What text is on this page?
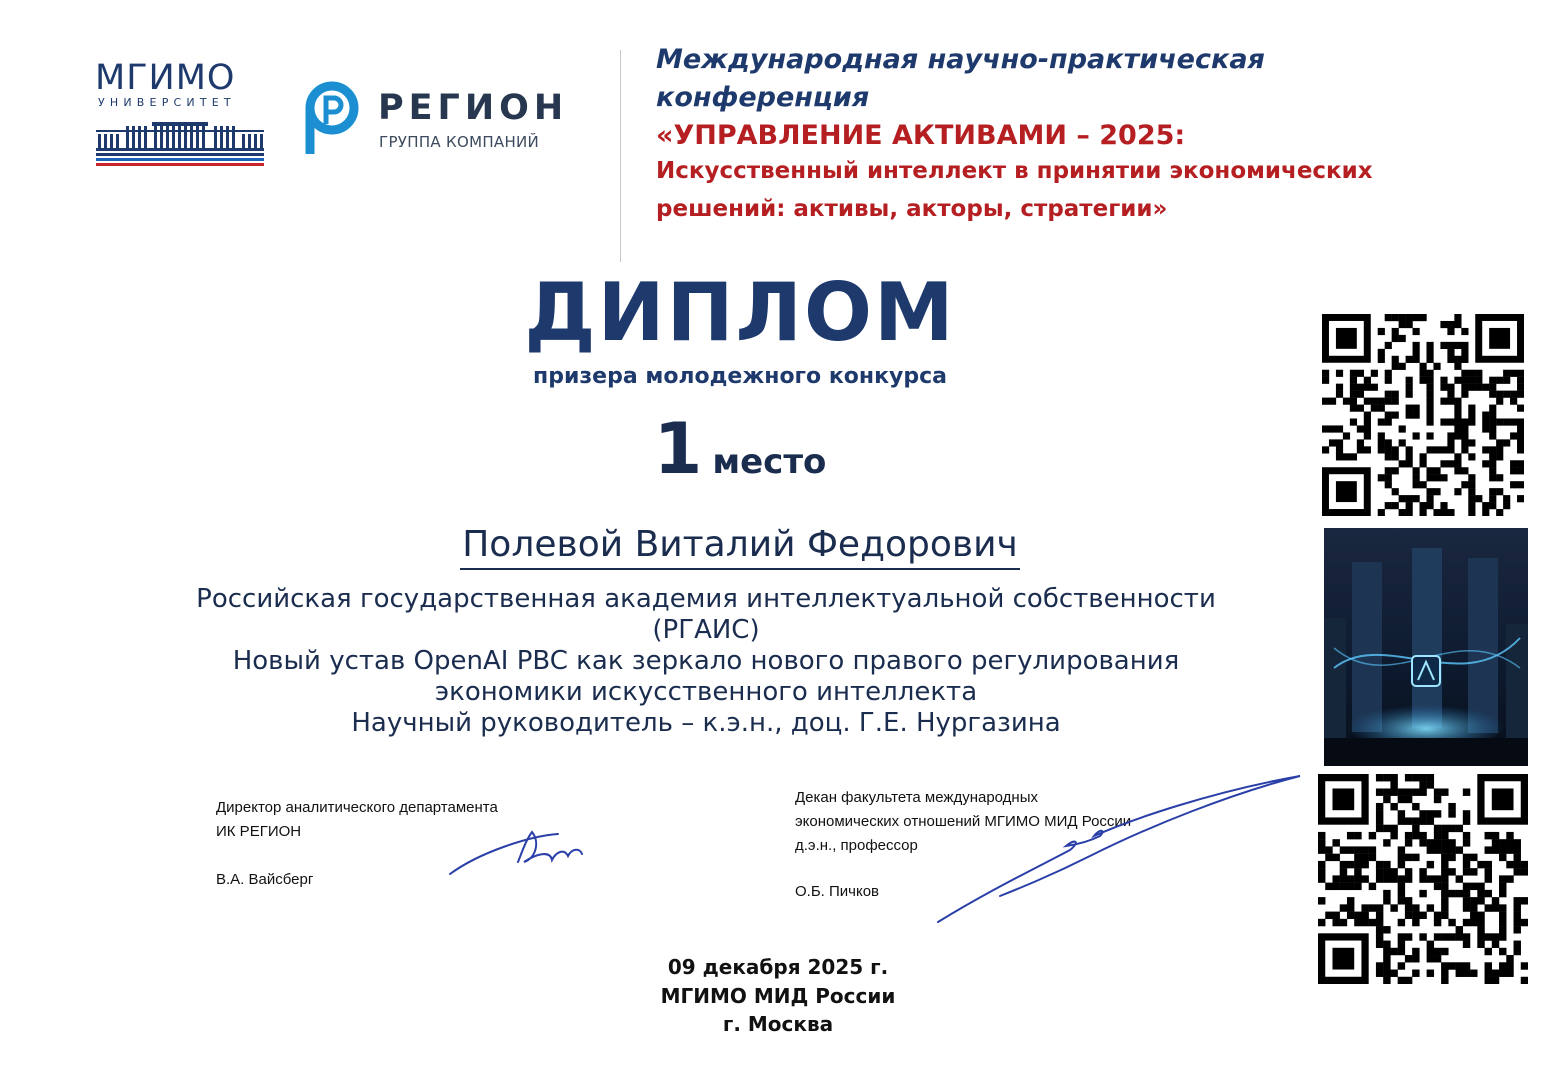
МГИМО
УНИВЕРСИТЕТ	РЕГИОН
ГРУППА КОМПАНИЙ
Международная научно-практическая
конференция
«УПРАВЛЕНИЕ АКТИВАМИ – 2025:
Искусственный интеллект в принятии экономических
решений: активы, акторы, стратегии»
ДИПЛОМ
призера молодежного конкурса
1 место
Полевой Виталий Федорович
Российская государственная академия интеллектуальной собственности
(РГАИС)
Новый устав OpenAI PBC как зеркало нового правого регулирования
экономики искусственного интеллекта
Научный руководитель – к.э.н., доц. Г.Е. Нургазина
Директор аналитического департамента
ИК РЕГИОН
В.А. Вайсберг
Декан факультета международных
экономических отношений МГИМО МИД России
д.э.н., профессор
О.Б. Пичков
09 декабря 2025 г.
МГИМО МИД России
г. Москва
